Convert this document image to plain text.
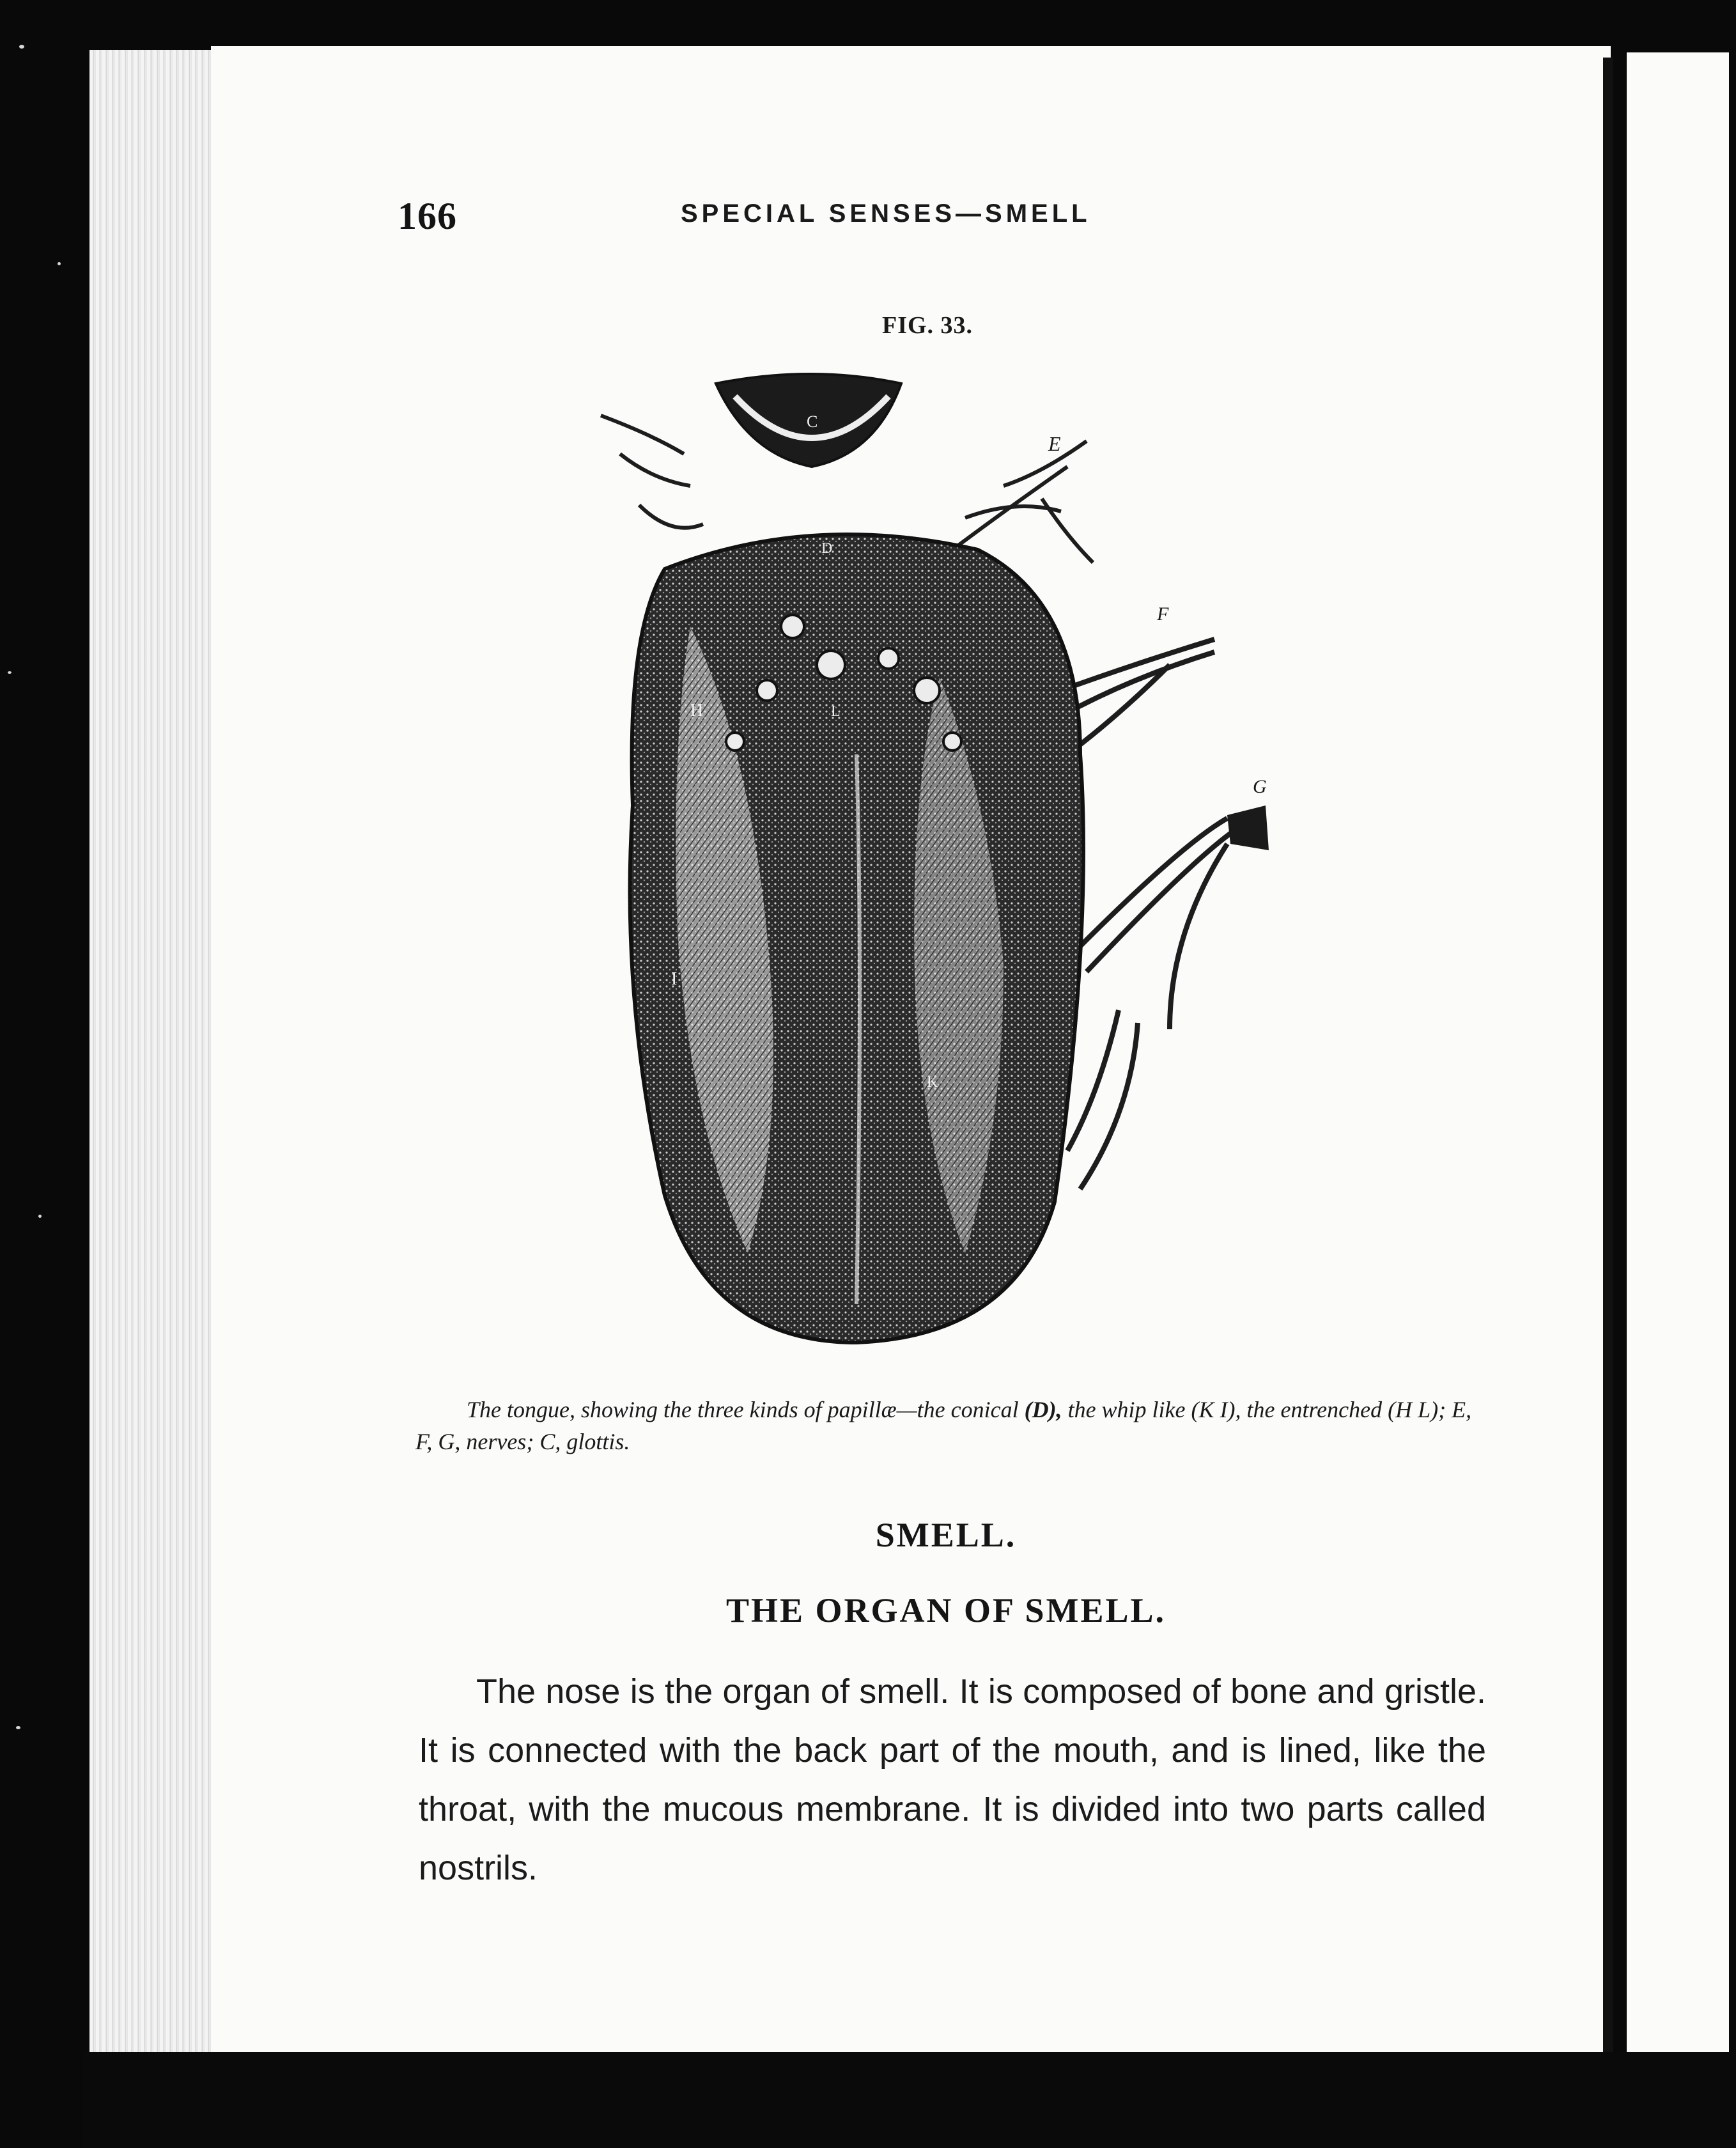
166	SPECIAL SENSES—SMELL
FIG. 33.
C
E
F
G
D
H	L
I
K
The tongue, showing the three kinds of papillæ—the conical (D), the whip like (K I), the entrenched (H L); E, F, G, nerves; C, glottis.
SMELL.
THE ORGAN OF SMELL.
The nose is the organ of smell. It is composed of bone and gristle. It is connected with the back part of the mouth, and is lined, like the throat, with the mucous membrane. It is divided into two parts called nostrils.
